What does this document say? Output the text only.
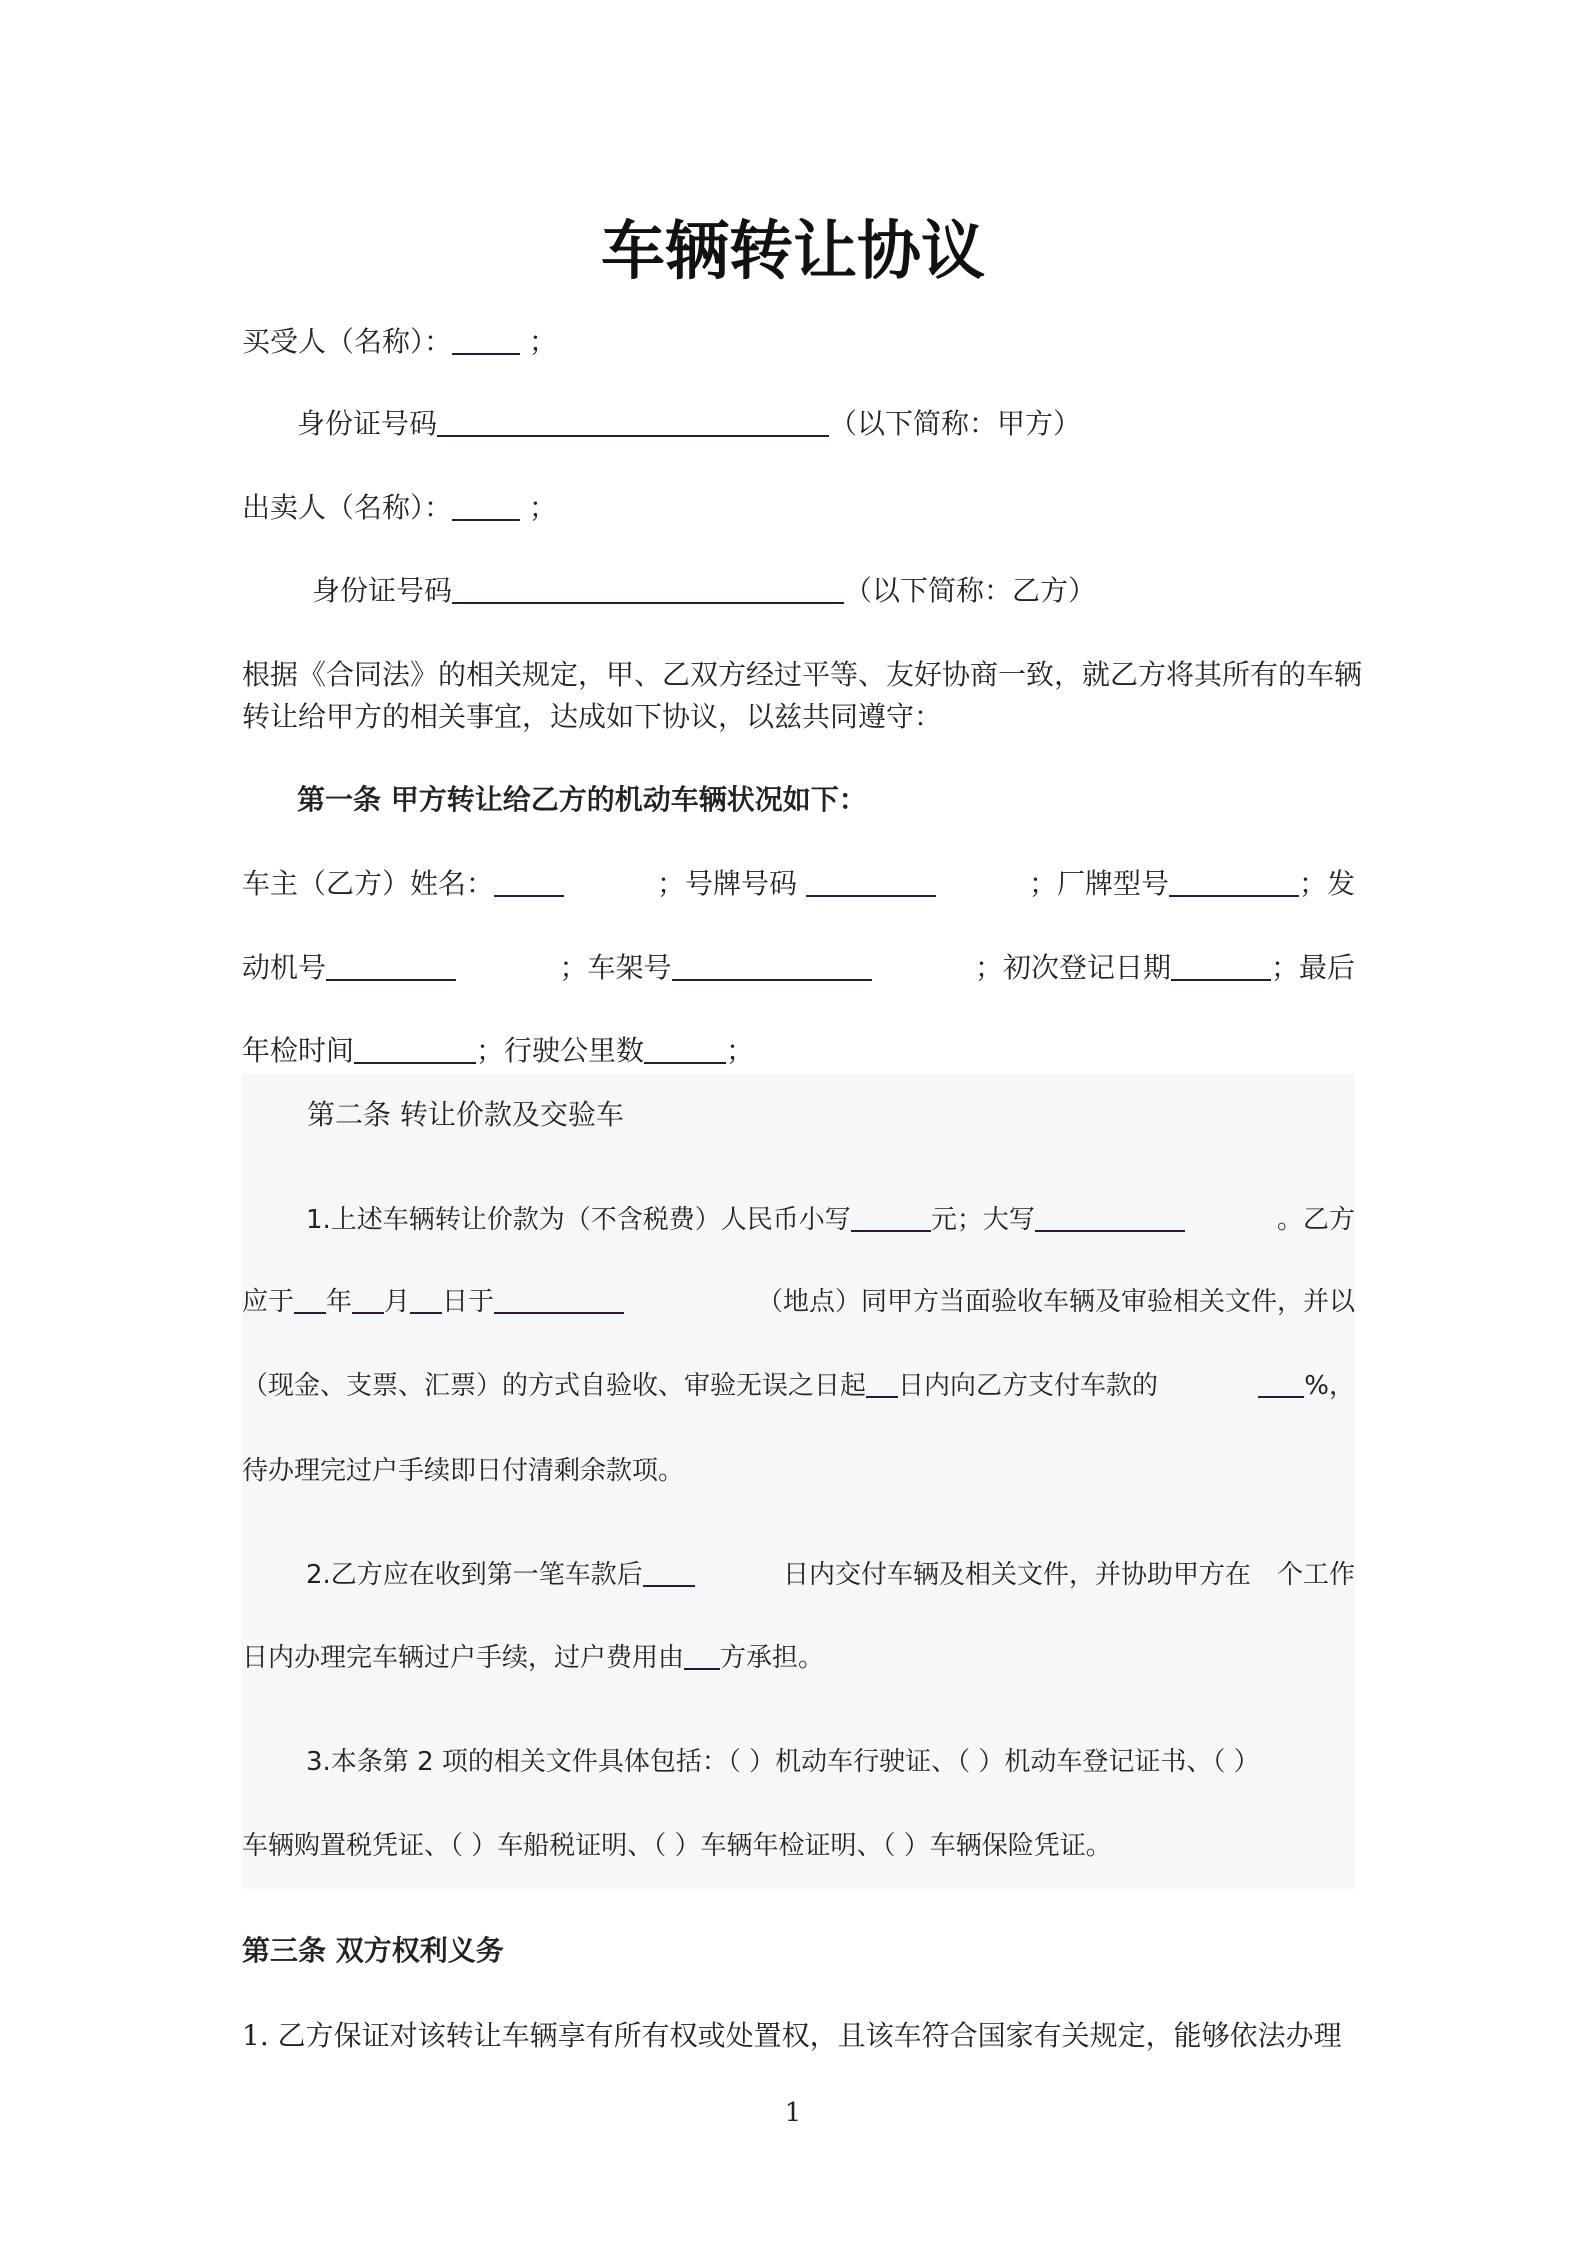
车辆转让协议
买受人（名称）：	；
身份证号码	（以下简称：甲方）
出卖人（名称）：	；
身份证号码	（以下简称：乙方）
根据《合同法》的相关规定，甲、乙双方经过平等、友好协商一致，就乙方将其所有的车辆
转让给甲方的相关事宜，达成如下协议，以兹共同遵守：
第一条 甲方转让给乙方的机动车辆状况如下：
车主（乙方）姓名：	；号牌号码	；厂牌型号	；发
动机号	；车架号	；初次登记日期	；最后
年检时间	；行驶公里数	；
第二条 转让价款及交验车
1.上述车辆转让价款为（不含税费）人民币小写	元；大写	。乙方
应于 年 月 日于	（地点）同甲方当面验收车辆及审验相关文件，并以
（现金、支票、汇票）的方式自验收、审验无误之日起 日内向乙方支付车款的	%，
待办理完过户手续即日付清剩余款项。
2.乙方应在收到第一笔车款后	日内交付车辆及相关文件，并协助甲方在　个工作
日内办理完车辆过户手续，过户费用由 方承担。
3.本条第 2 项的相关文件具体包括：（ ）机动车行驶证、（ ）机动车登记证书、（ ）
车辆购置税凭证、（ ）车船税证明、（ ）车辆年检证明、（ ）车辆保险凭证。
第三条 双方权利义务
1. 乙方保证对该转让车辆享有所有权或处置权，且该车符合国家有关规定，能够依法办理
1
